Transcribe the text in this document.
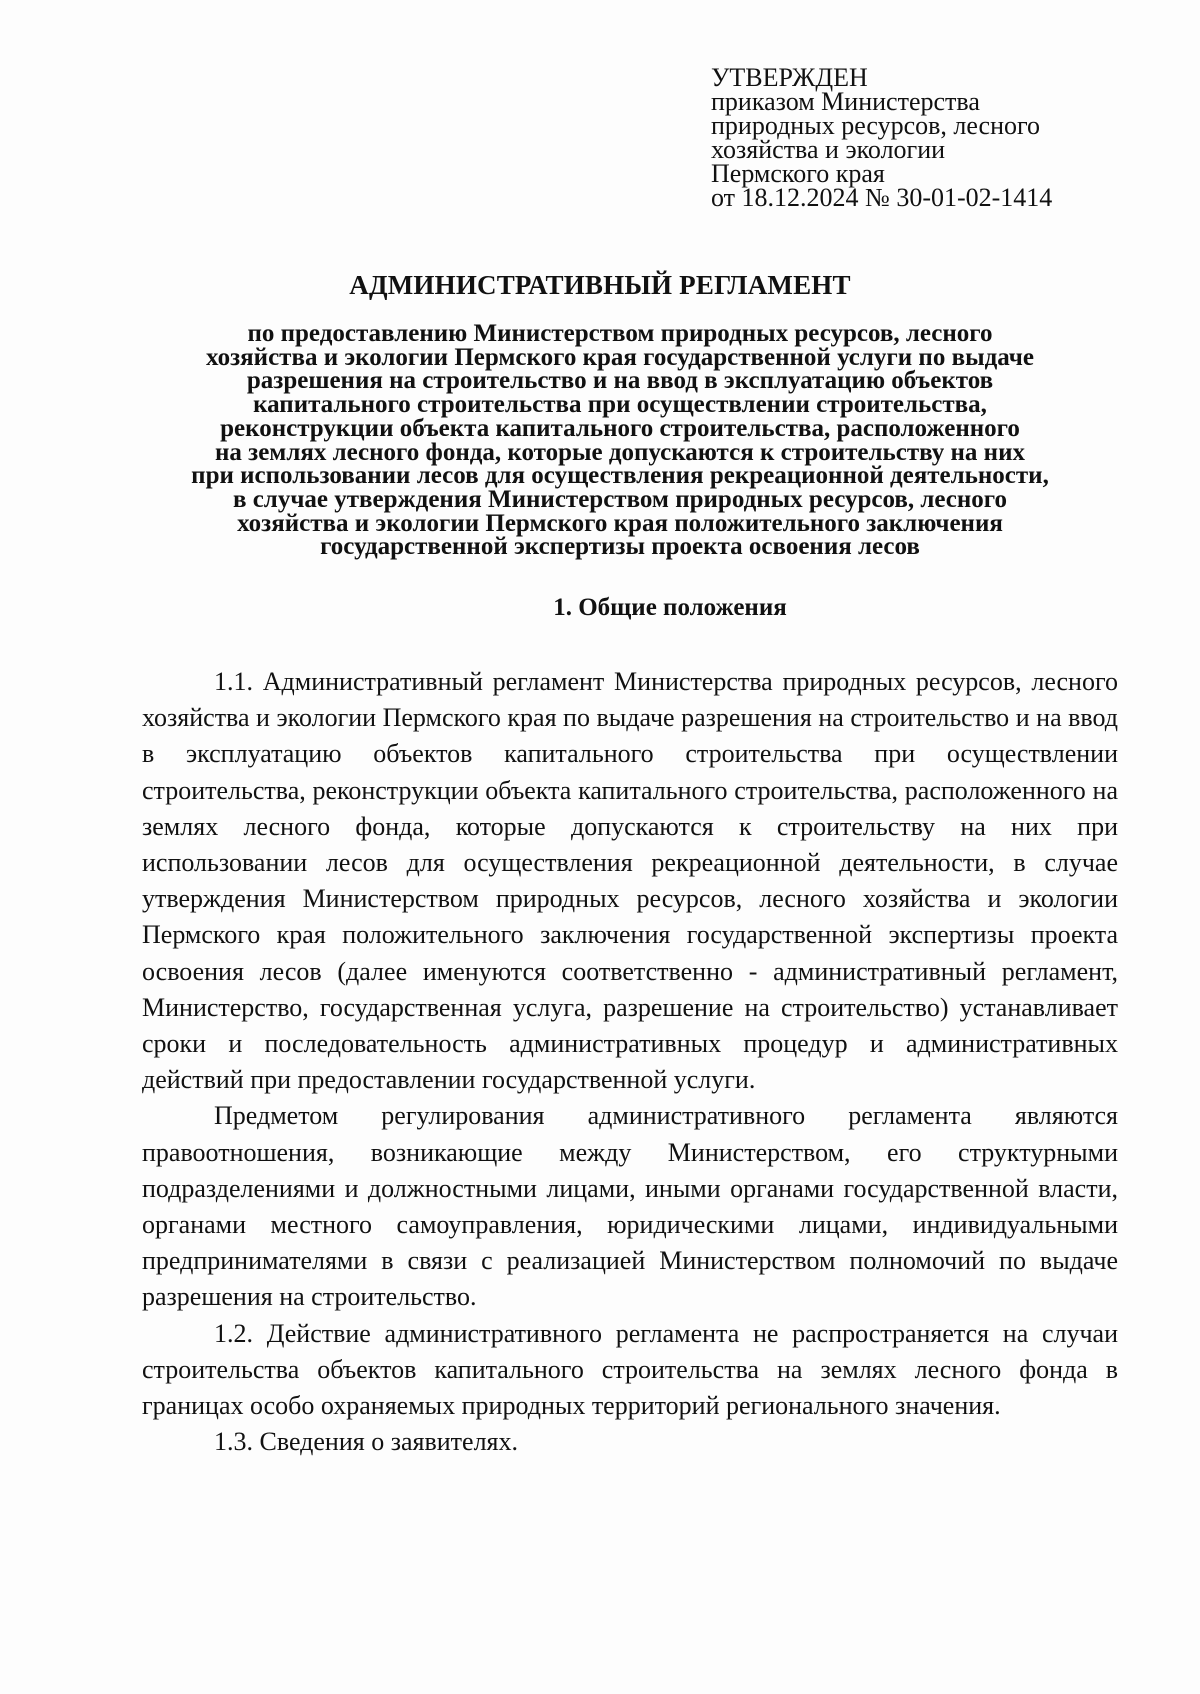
УТВЕРЖДЕН
приказом Министерства
природных ресурсов, лесного
хозяйства и экологии
Пермского края
от 18.12.2024 № 30-01-02-1414
АДМИНИСТРАТИВНЫЙ РЕГЛАМЕНТ
по предоставлению Министерством природных ресурсов, лесного
хозяйства и экологии Пермского края государственной услуги по выдаче
разрешения на строительство и на ввод в эксплуатацию объектов
капитального строительства при осуществлении строительства,
реконструкции объекта капитального строительства, расположенного
на землях лесного фонда, которые допускаются к строительству на них
при использовании лесов для осуществления рекреационной деятельности,
в случае утверждения Министерством природных ресурсов, лесного
хозяйства и экологии Пермского края положительного заключения
государственной экспертизы проекта освоения лесов
1. Общие положения

1.1. Административный регламент Министерства природных ресурсов, лесного хозяйства и экологии Пермского края по выдаче разрешения на строительство и на ввод в эксплуатацию объектов капитального строительства при осуществлении строительства, реконструкции объекта капитального строительства, расположенного на землях лесного фонда, которые допускаются к строительству на них при использовании лесов для осуществления рекреационной деятельности, в случае утверждения Министерством природных ресурсов, лесного хозяйства и экологии Пермского края положительного заключения государственной экспертизы проекта освоения лесов (далее именуются соответственно - административный регламент, Министерство, государственная услуга, разрешение на строительство) устанавливает сроки и последовательность административных процедур и административных действий при предоставлении государственной услуги.

Предметом регулирования административного регламента являются правоотношения, возникающие между Министерством, его структурными подразделениями и должностными лицами, иными органами государственной власти, органами местного самоуправления, юридическими лицами, индивидуальными предпринимателями в связи с реализацией Министерством полномочий по выдаче разрешения на строительство.

1.2. Действие административного регламента не распространяется на случаи строительства объектов капитального строительства на землях лесного фонда в границах особо охраняемых природных территорий регионального значения.

1.3. Сведения о заявителях.
